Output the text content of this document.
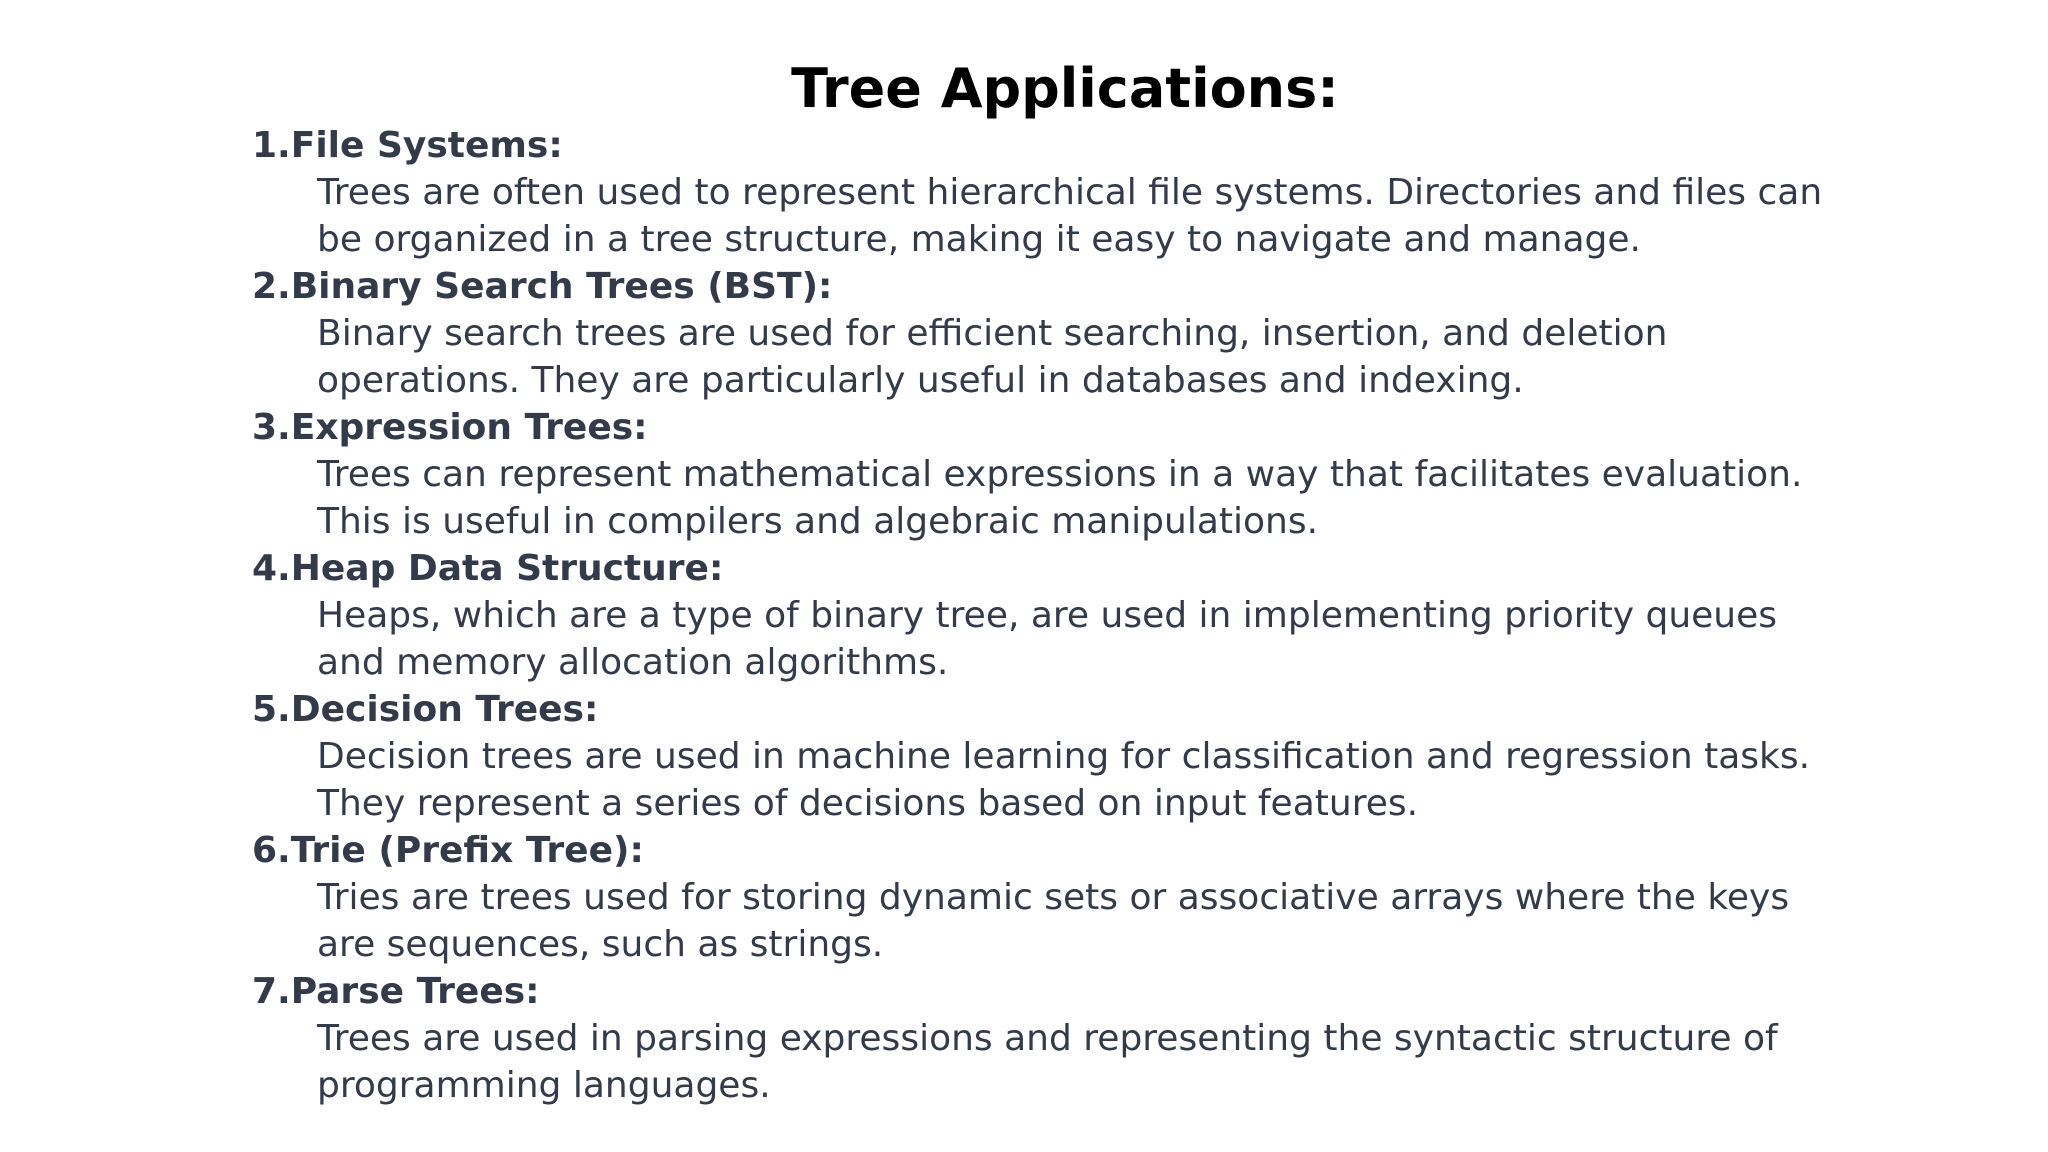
Tree Applications:
1.File Systems:
Trees are often used to represent hierarchical file systems. Directories and files can
be organized in a tree structure, making it easy to navigate and manage.
2.Binary Search Trees (BST):
Binary search trees are used for efficient searching, insertion, and deletion
operations. They are particularly useful in databases and indexing.
3.Expression Trees:
Trees can represent mathematical expressions in a way that facilitates evaluation.
This is useful in compilers and algebraic manipulations.
4.Heap Data Structure:
Heaps, which are a type of binary tree, are used in implementing priority queues
and memory allocation algorithms.
5.Decision Trees:
Decision trees are used in machine learning for classification and regression tasks.
They represent a series of decisions based on input features.
6.Trie (Prefix Tree):
Tries are trees used for storing dynamic sets or associative arrays where the keys
are sequences, such as strings.
7.Parse Trees:
Trees are used in parsing expressions and representing the syntactic structure of
programming languages.
